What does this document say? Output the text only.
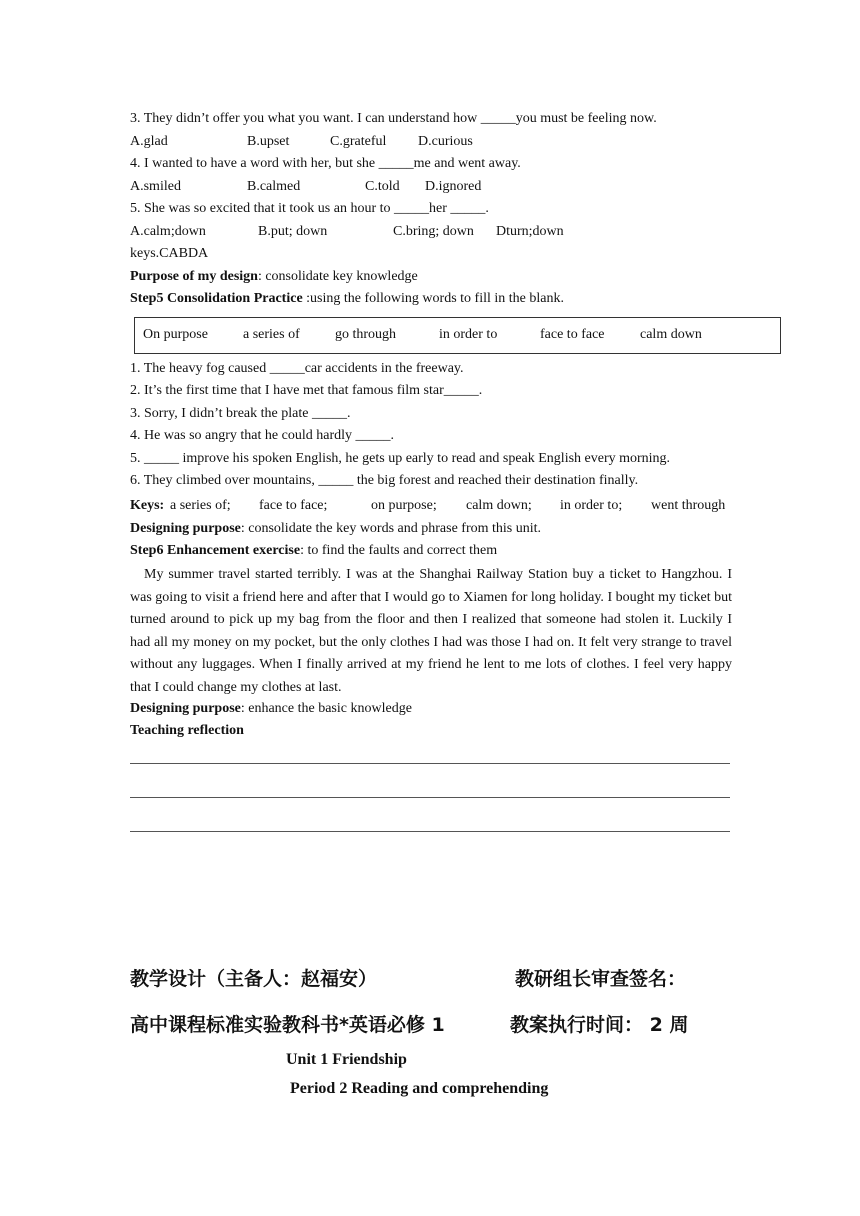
3. They didn’t offer you what you want. I can understand how _____you must be feeling now.
A.glad	B.upset	C.grateful D.curious
4. I wanted to have a word with her, but she _____me and went away.
A.smiled	B.calmed	C.told D.ignored
5. She was so excited that it took us an hour to _____her _____.
A.calm;down	B.put; down	C.bring; down Dturn;down
keys.CABDA
Purpose of my design: consolidate key knowledge
Step5 Consolidation Practice :using the following words to fill in the blank.
On purpose	a series of	go through	in order to	face to face	calm down
1. The heavy fog caused _____car accidents in the freeway.
2. It’s the first time that I have met that famous film star_____.
3. Sorry, I didn’t break the plate _____.
4. He was so angry that he could hardly _____.
5. _____ improve his spoken English, he gets up early to read and speak English every morning.
6. They climbed over mountains, _____ the big forest and reached their destination finally.
Keys: a series of; face to face;	on purpose; calm down; in order to; went through
Designing purpose: consolidate the key words and phrase from this unit.
Step6 Enhancement exercise: to find the faults and correct them
My summer travel started terribly. I was at the Shanghai Railway Station buy a ticket to Hangzhou. I was going to visit a friend here and after that I would go to Xiamen for long holiday. I bought my ticket but turned around to pick up my bag from the floor and then I realized that someone had stolen it. Luckily I had all my money on my pocket, but the only clothes I had was those I had on. It felt very strange to travel without any luggages. When I finally arrived at my friend he lent to me lots of clothes. I feel very happy that I could change my clothes at last.
Designing purpose: enhance the basic knowledge
Teaching reflection
教学设计（主备人：赵福安）	教研组长审查签名：
高中课程标准实验教科书*英语必修 1	教案执行时间： 2 周
Unit 1 Friendship
Period 2 Reading and comprehending
